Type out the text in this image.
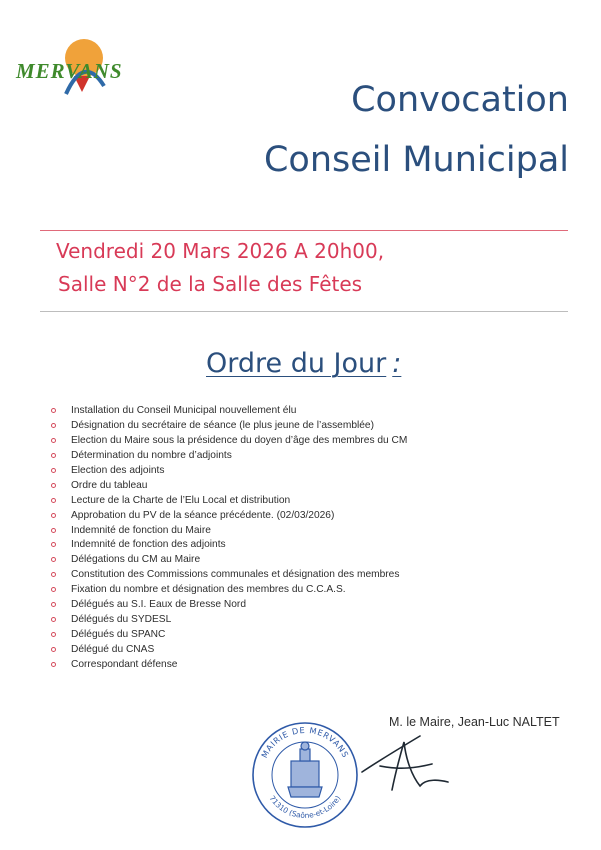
MERVANS
Convocation
Conseil Municipal
Vendredi 20 Mars 2026 A 20h00,
Salle N°2 de la Salle des Fêtes
Ordre du Jour :
Installation du Conseil Municipal nouvellement élu
Désignation du secrétaire de séance (le plus jeune de l’assemblée)
Election du Maire sous la présidence du doyen d’âge des membres du CM
Détermination du nombre d’adjoints
Election des adjoints
Ordre du tableau
Lecture de la Charte de l’Elu Local et distribution
Approbation du PV de la séance précédente. (02/03/2026)
Indemnité de fonction du Maire
Indemnité de fonction des adjoints
Délégations du CM au Maire
Constitution des Commissions communales et désignation des membres
Fixation du nombre et désignation des membres du C.C.A.S.
Délégués au S.I. Eaux de Bresse Nord
Délégués du SYDESL
Délégués du SPANC
Délégué du CNAS
Correspondant défense
M. le Maire, Jean-Luc NALTET
MAIRIE DE MERVANS
71310 (Saône-et-Loire)
